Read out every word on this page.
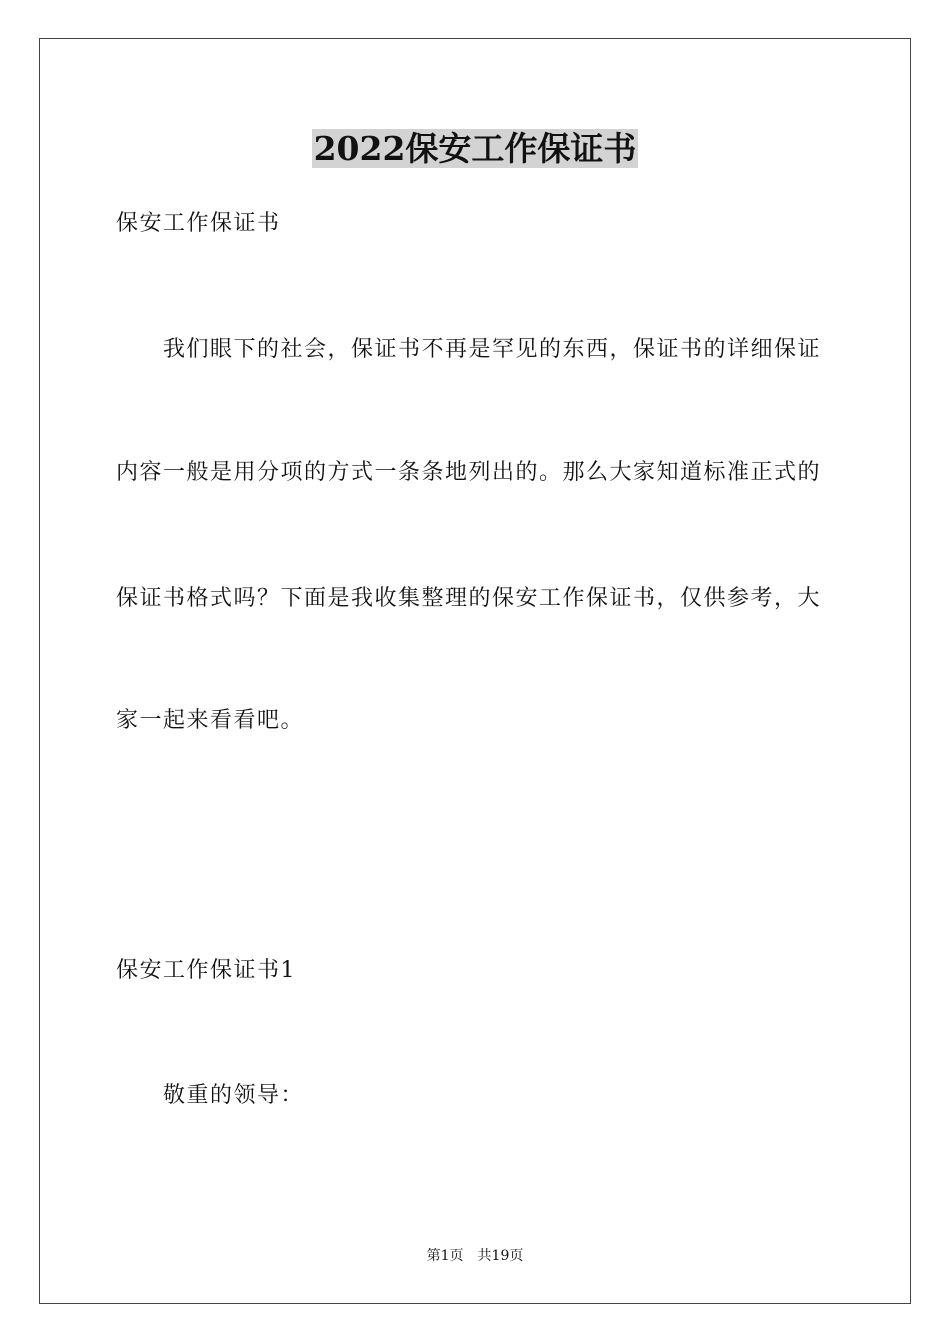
2022保安工作保证书
保安工作保证书
我们眼下的社会，保证书不再是罕见的东西，保证书的详细保证
内容一般是用分项的方式一条条地列出的。那么大家知道标准正式的
保证书格式吗？下面是我收集整理的保安工作保证书，仅供参考，大
家一起来看看吧。
保安工作保证书1
敬重的领导：
第1页 共19页
